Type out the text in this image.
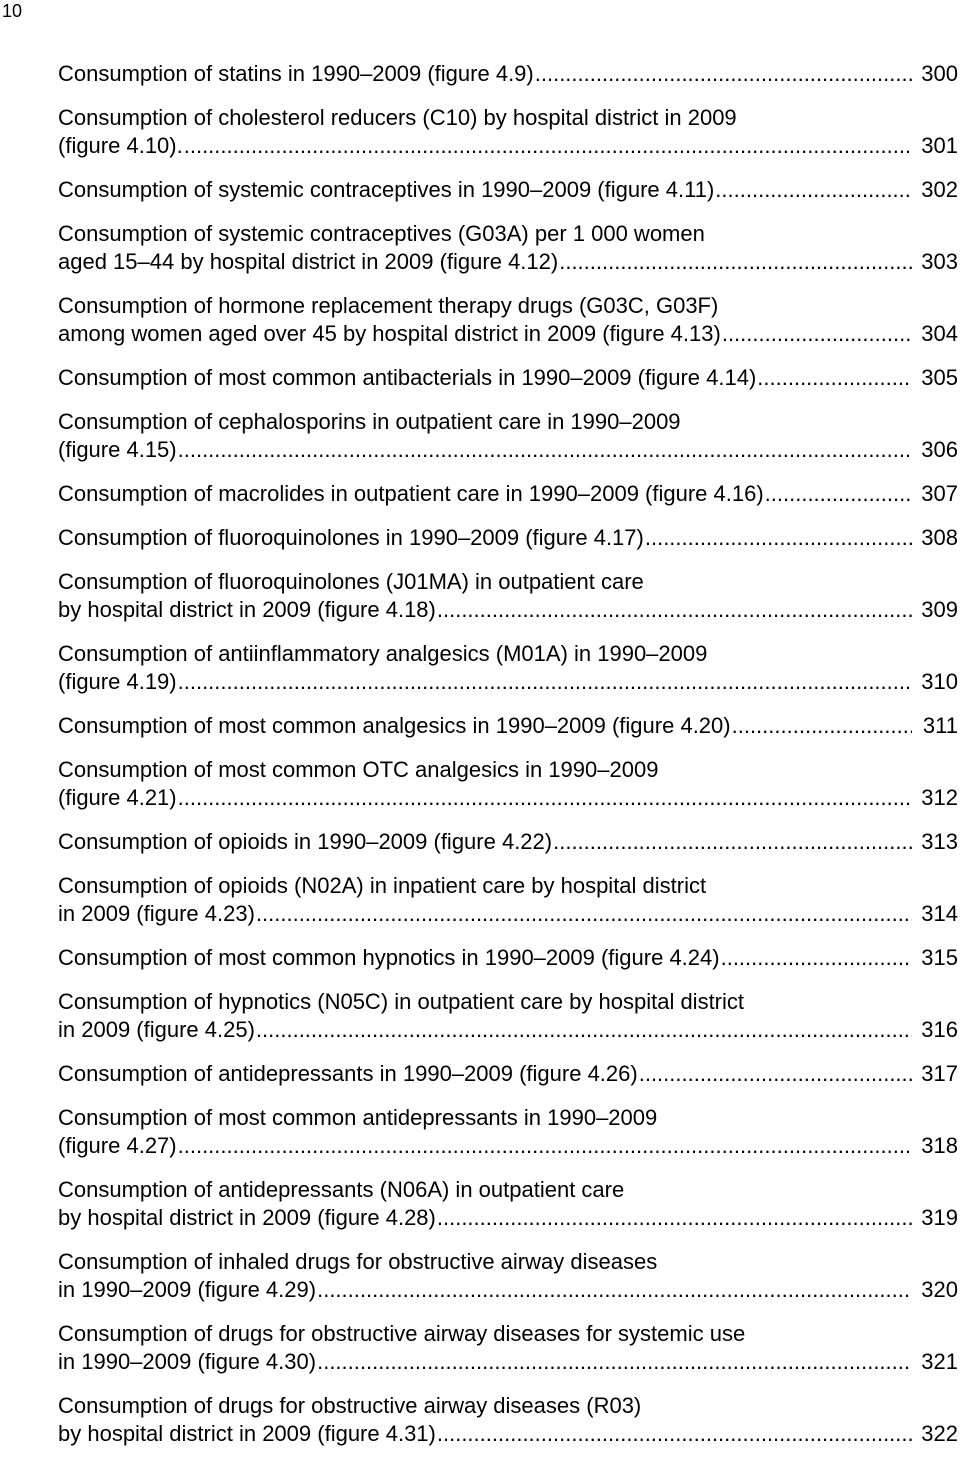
10
Consumption of statins in 1990–2009 (figure 4.9) .....	300
Consumption of cholesterol reducers (C10) by hospital district in 2009
(figure 4.10). .....	301
Consumption of systemic contraceptives in 1990–2009 (figure 4.11) .....	302
Consumption of systemic contraceptives (G03A) per 1 000 women
aged 15–44 by hospital district in 2009 (figure 4.12) .....	303
Consumption of hormone replacement therapy drugs (G03C, G03F)
among women aged over 45 by hospital district in 2009 (figure 4.13) .....	304
Consumption of most common antibacterials in 1990–2009 (figure 4.14) .....	305
Consumption of cephalosporins in outpatient care in 1990–2009
(figure 4.15) .....	306
Consumption of macrolides in outpatient care in 1990–2009 (figure 4.16) .....	307
Consumption of fluoroquinolones in 1990–2009 (figure 4.17) .....	308
Consumption of fluoroquinolones (J01MA) in outpatient care
by hospital district in 2009 (figure 4.18) .....	309
Consumption of antiinflammatory analgesics (M01A) in 1990–2009
(figure 4.19) .....	310
Consumption of most common analgesics in 1990–2009 (figure 4.20) .....	311
Consumption of most common OTC analgesics in 1990–2009
(figure 4.21) .....	312
Consumption of opioids in 1990–2009 (figure 4.22) .....	313
Consumption of opioids (N02A) in inpatient care by hospital district
in 2009 (figure 4.23) .....	314
Consumption of most common hypnotics in 1990–2009 (figure 4.24) .....	315
Consumption of hypnotics (N05C) in outpatient care by hospital district
in 2009 (figure 4.25) .....	316
Consumption of antidepressants in 1990–2009 (figure 4.26) .....	317
Consumption of most common antidepressants in 1990–2009
(figure 4.27) .....	318
Consumption of antidepressants (N06A) in outpatient care
by hospital district in 2009 (figure 4.28) .....	319
Consumption of inhaled drugs for obstructive airway diseases
in 1990–2009 (figure 4.29) .....	320
Consumption of drugs for obstructive airway diseases for systemic use
in 1990–2009 (figure 4.30) .....	321
Consumption of drugs for obstructive airway diseases (R03)
by hospital district in 2009 (figure 4.31) .....	322
